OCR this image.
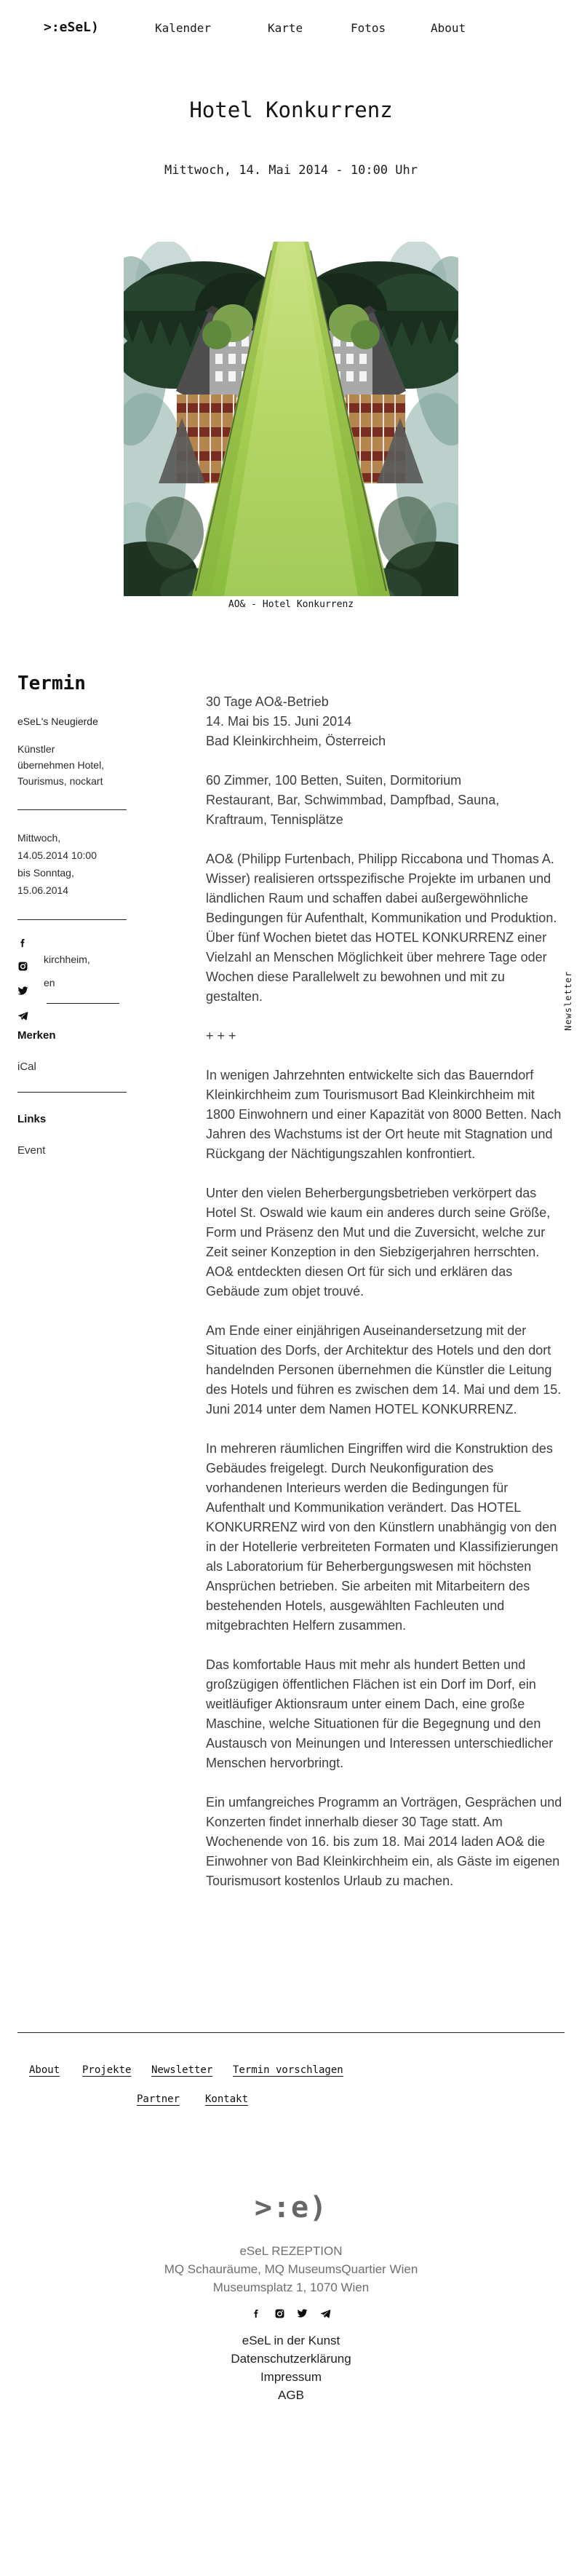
>:eSeL)	Kalender	Karte	Fotos	About
Hotel Konkurrenz
Mittwoch, 14. Mai 2014 - 10:00 Uhr
AO& - Hotel Konkurrenz
Termin
eSeL's Neugierde
Künstler übernehmen Hotel, Tourismus, nockart
Mittwoch, 14.05.2014 10:00 bis Sonntag, 15.06.2014
kirchheim,
en
Merken
iCal
Links
Event
Newsletter
30 Tage AO&-Betrieb
14. Mai bis 15. Juni 2014
Bad Kleinkirchheim, Österreich
60 Zimmer, 100 Betten, Suiten, Dormitorium
Restaurant, Bar, Schwimmbad, Dampfbad, Sauna,
Kraftraum, Tennisplätze

AO& (Philipp Furtenbach, Philipp Riccabona und Thomas A. Wisser) realisieren ortsspezifische Projekte im urbanen und ländlichen Raum und schaffen dabei außergewöhnliche Bedingungen für Aufenthalt, Kommunikation und Produktion. Über fünf Wochen bietet das HOTEL KONKURRENZ einer Vielzahl an Menschen Möglichkeit über mehrere Tage oder Wochen diese Parallelwelt zu bewohnen und mit zu gestalten.

+ + +

In wenigen Jahrzehnten entwickelte sich das Bauerndorf Kleinkirchheim zum Tourismusort Bad Kleinkirchheim mit 1800 Einwohnern und einer Kapazität von 8000 Betten. Nach Jahren des Wachstums ist der Ort heute mit Stagnation und Rückgang der Nächtigungszahlen konfrontiert.

Unter den vielen Beherbergungsbetrieben verkörpert das Hotel St. Oswald wie kaum ein anderes durch seine Größe, Form und Präsenz den Mut und die Zuversicht, welche zur Zeit seiner Konzeption in den Siebzigerjahren herrschten. AO& entdeckten diesen Ort für sich und erklären das Gebäude zum objet trouvé.

Am Ende einer einjährigen Auseinandersetzung mit der Situation des Dorfs, der Architektur des Hotels und den dort handelnden Personen übernehmen die Künstler die Leitung des Hotels und führen es zwischen dem 14. Mai und dem 15. Juni 2014 unter dem Namen HOTEL KONKURRENZ.

In mehreren räumlichen Eingriffen wird die Konstruktion des Gebäudes freigelegt. Durch Neukonfiguration des vorhandenen Interieurs werden die Bedingungen für Aufenthalt und Kommunikation verändert. Das HOTEL KONKURRENZ wird von den Künstlern unabhängig von den in der Hotellerie verbreiteten Formaten und Klassifizierungen als Laboratorium für Beherbergungswesen mit höchsten Ansprüchen betrieben. Sie arbeiten mit Mitarbeitern des bestehenden Hotels, ausgewählten Fachleuten und mitgebrachten Helfern zusammen.

Das komfortable Haus mit mehr als hundert Betten und großzügigen öffentlichen Flächen ist ein Dorf im Dorf, ein weitläufiger Aktionsraum unter einem Dach, eine große Maschine, welche Situationen für die Begegnung und den Austausch von Meinungen und Interessen unterschiedlicher Menschen hervorbringt.

Ein umfangreiches Programm an Vorträgen, Gesprächen und Konzerten findet innerhalb dieser 30 Tage statt. Am Wochenende von 16. bis zum 18. Mai 2014 laden AO& die Einwohner von Bad Kleinkirchheim ein, als Gäste im eigenen Tourismusort kostenlos Urlaub zu machen.

About Projekte Newsletter Termin vorschlagen
Partner Kontakt
>:e)
eSeL REZEPTION
MQ Schauräume, MQ MuseumsQuartier Wien
Museumsplatz 1, 1070 Wien

eSeL in der Kunst
Datenschutzerklärung
Impressum
AGB
